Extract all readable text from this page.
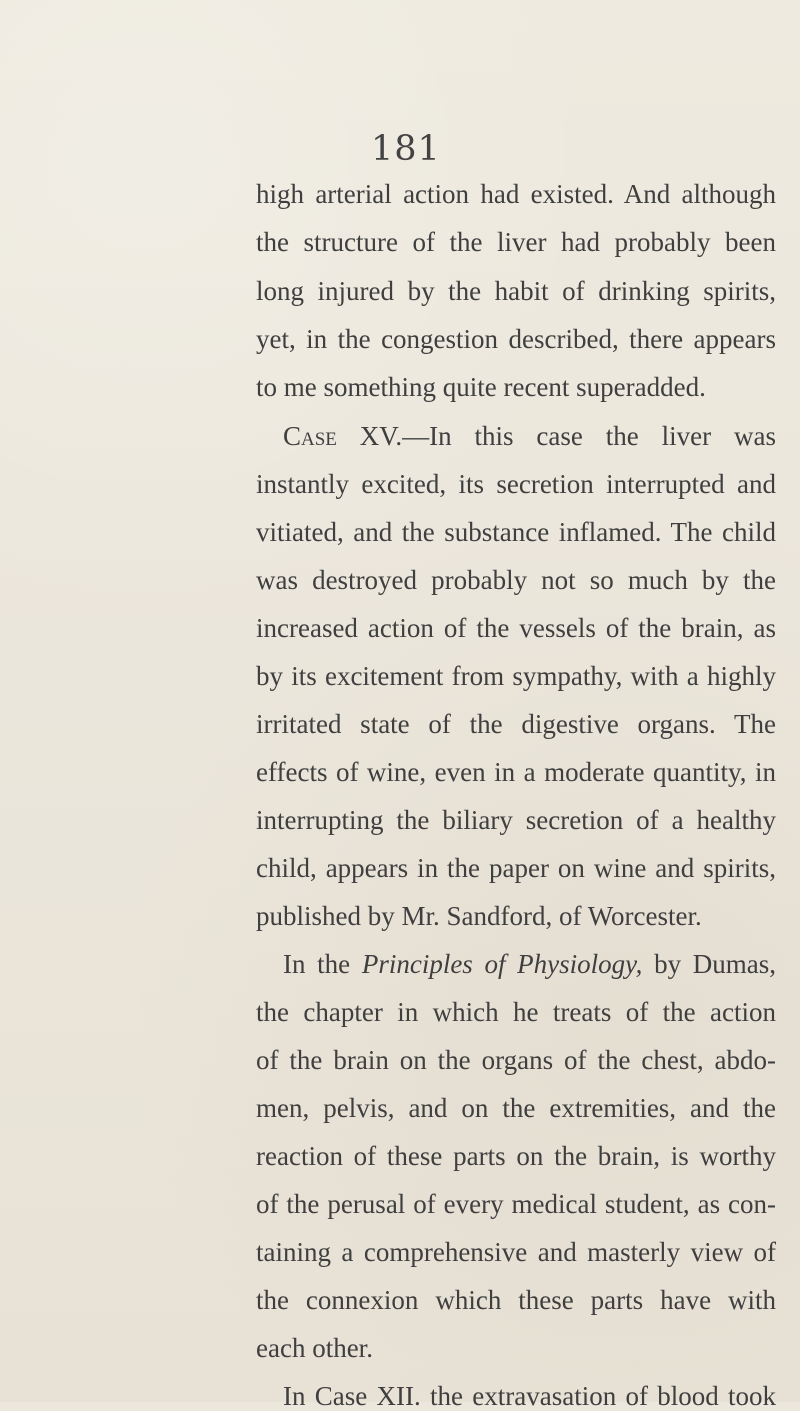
181
high arterial action had existed. And although
the structure of the liver had probably been
long injured by the habit of drinking spirits,
yet, in the congestion described, there appears
to me something quite recent superadded.
Case XV.—In this case the liver was
instantly excited, its secretion interrupted and
vitiated, and the substance inflamed. The child
was destroyed probably not so much by the
increased action of the vessels of the brain, as
by its excitement from sympathy, with a highly
irritated state of the digestive organs. The
effects of wine, even in a moderate quantity, in
interrupting the biliary secretion of a healthy
child, appears in the paper on wine and spirits,
published by Mr. Sandford, of Worcester.
In the Principles of Physiology, by Dumas,
the chapter in which he treats of the action
of the brain on the organs of the chest, abdo-
men, pelvis, and on the extremities, and the
reaction of these parts on the brain, is worthy
of the perusal of every medical student, as con-
taining a comprehensive and masterly view of
the connexion which these parts have with
each other.
In Case XII. the extravasation of blood took
